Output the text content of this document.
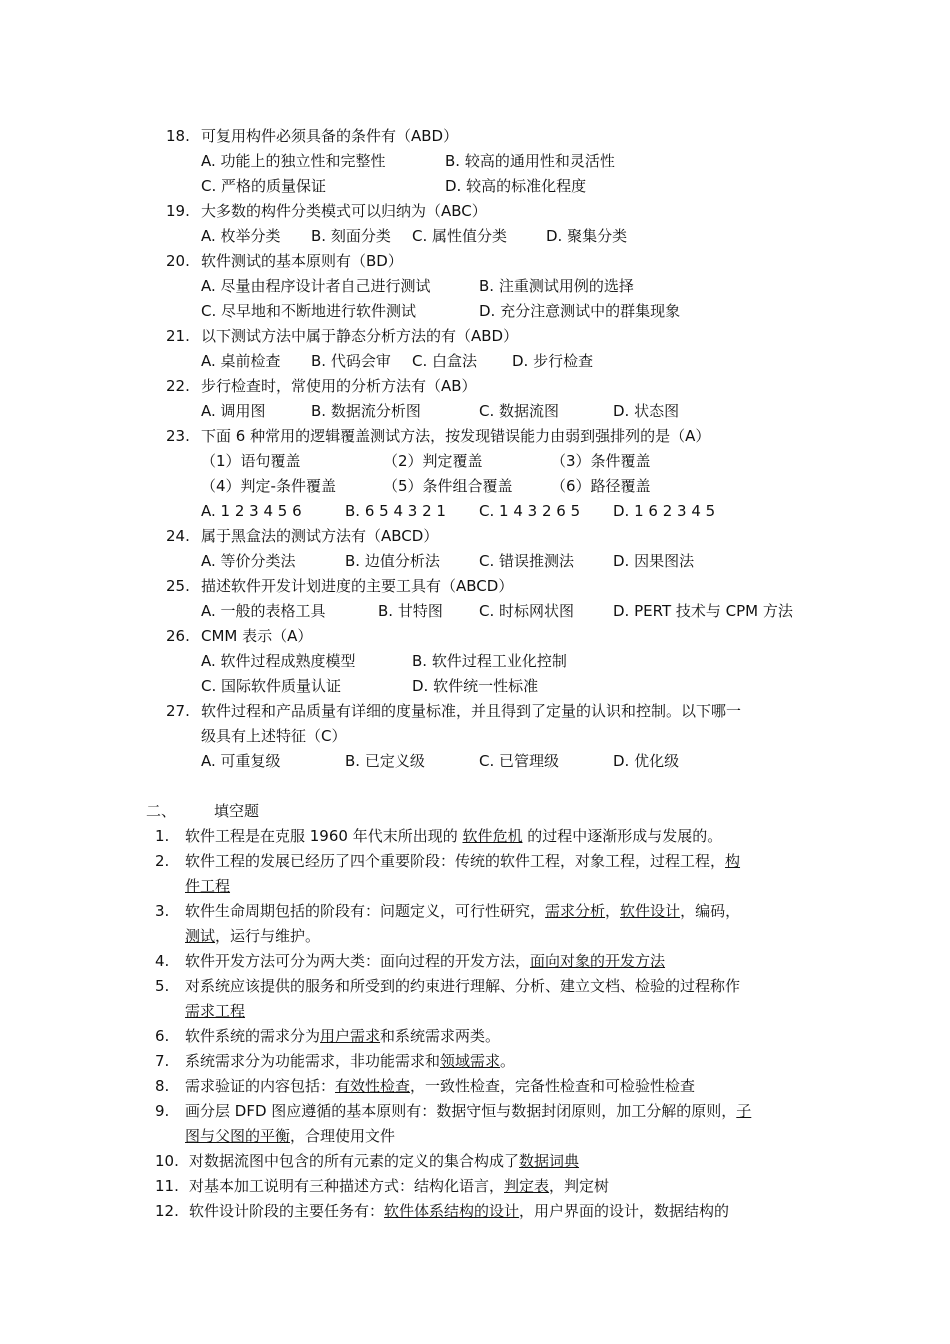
18. 可复用构件必须具备的条件有（ABD）
A. 功能上的独立性和完整性	B. 较高的通用性和灵活性
C. 严格的质量保证	D. 较高的标准化程度
19. 大多数的构件分类模式可以归纳为（ABC）
A. 枚举分类 B. 刻面分类 C. 属性值分类	D. 聚集分类
20. 软件测试的基本原则有（BD）
A. 尽量由程序设计者自己进行测试	B. 注重测试用例的选择
C. 尽早地和不断地进行软件测试	D. 充分注意测试中的群集现象
21. 以下测试方法中属于静态分析方法的有（ABD）
A. 桌前检查 B. 代码会审 C. 白盒法 D. 步行检查
22. 步行检查时，常使用的分析方法有（AB）
A. 调用图	B. 数据流分析图	C. 数据流图	D. 状态图
23. 下面 6 种常用的逻辑覆盖测试方法，按发现错误能力由弱到强排列的是（A）
（1）语句覆盖	（2）判定覆盖	（3）条件覆盖
（4）判定-条件覆盖	（5）条件组合覆盖	（6）路径覆盖
A. 1 2 3 4 5 6	B. 6 5 4 3 2 1 C. 1 4 3 2 6 5 D. 1 6 2 3 4 5
24. 属于黑盒法的测试方法有（ABCD）
A. 等价分类法	B. 边值分析法	C. 错误推测法	D. 因果图法
25. 描述软件开发计划进度的主要工具有（ABCD）
A. 一般的表格工具	B. 甘特图 C. 时标网状图	D. PERT 技术与 CPM 方法
26. CMM 表示（A）
A. 软件过程成熟度模型	B. 软件过程工业化控制
C. 国际软件质量认证	D. 软件统一性标准
27. 软件过程和产品质量有详细的度量标准，并且得到了定量的认识和控制。以下哪一
级具有上述特征（C）
A. 可重复级	B. 已定义级	C. 已管理级	D. 优化级
二、	填空题
1. 软件工程是在克服 1960 年代末所出现的 软件危机 的过程中逐渐形成与发展的。
2. 软件工程的发展已经历了四个重要阶段：传统的软件工程，对象工程，过程工程，构
件工程
3. 软件生命周期包括的阶段有：问题定义，可行性研究，需求分析，软件设计，编码，
测试，运行与维护。
4. 软件开发方法可分为两大类：面向过程的开发方法，面向对象的开发方法
5. 对系统应该提供的服务和所受到的约束进行理解、分析、建立文档、检验的过程称作
需求工程
6. 软件系统的需求分为用户需求和系统需求两类。
7. 系统需求分为功能需求，非功能需求和领域需求。
8. 需求验证的内容包括：有效性检查，一致性检查，完备性检查和可检验性检查
9. 画分层 DFD 图应遵循的基本原则有：数据守恒与数据封闭原则，加工分解的原则，子
图与父图的平衡，合理使用文件
10. 对数据流图中包含的所有元素的定义的集合构成了数据词典
11. 对基本加工说明有三种描述方式：结构化语言，判定表，判定树
12. 软件设计阶段的主要任务有：软件体系结构的设计，用户界面的设计，数据结构的
